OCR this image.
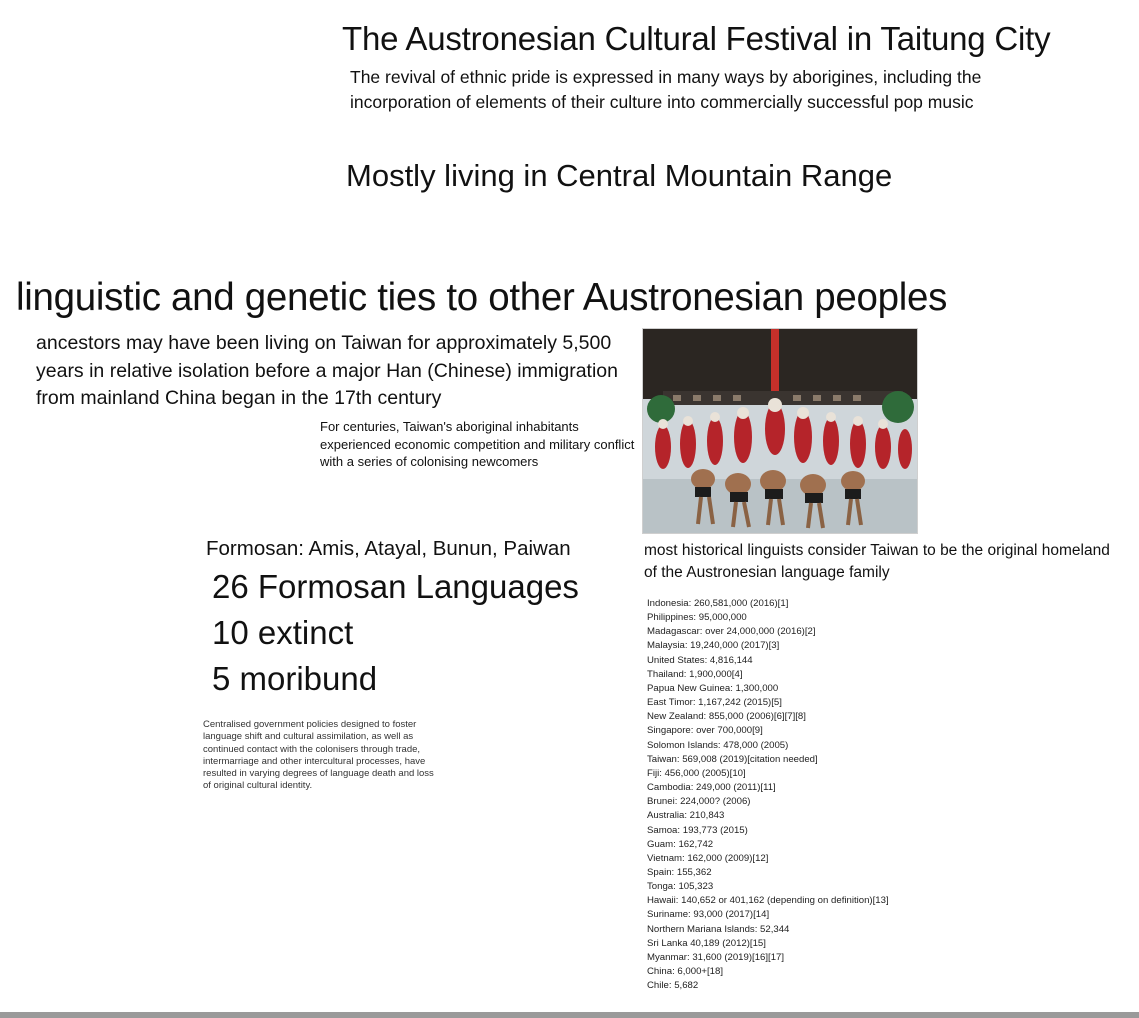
The Austronesian Cultural Festival in Taitung City

The revival of ethnic pride is expressed in many ways by aborigines, including the incorporation of elements of their culture into commercially successful pop music

Mostly living in Central Mountain Range
linguistic and genetic ties to other Austronesian peoples

ancestors may have been living on Taiwan for approximately 5,500 years in relative isolation before a major Han (Chinese) immigration from mainland China began in the 17th century

For centuries, Taiwan's aboriginal inhabitants experienced economic competition and military conflict with a series of colonising newcomers

Formosan: Amis, Atayal, Bunun, Paiwan
26 Formosan Languages
10 extinct
5 moribund

Centralised government policies designed to foster language shift and cultural assimilation, as well as continued contact with the colonisers through trade, intermarriage and other intercultural processes, have resulted in varying degrees of language death and loss of original cultural identity.

most historical linguists consider Taiwan to be the original homeland of the Austronesian language family

Indonesia: 260,581,000 (2016)[1]
Philippines: 95,000,000
Madagascar: over 24,000,000 (2016)[2]
Malaysia: 19,240,000 (2017)[3]
United States: 4,816,144
Thailand: 1,900,000[4]
Papua New Guinea: 1,300,000
East Timor: 1,167,242 (2015)[5]
New Zealand: 855,000 (2006)[6][7][8]
Singapore: over 700,000[9]
Solomon Islands: 478,000 (2005)
Taiwan: 569,008 (2019)[citation needed]
Fiji: 456,000 (2005)[10]
Cambodia: 249,000 (2011)[11]
Brunei: 224,000? (2006)
Australia: 210,843
Samoa: 193,773 (2015)
Guam: 162,742
Vietnam: 162,000 (2009)[12]
Spain: 155,362
Tonga: 105,323
Hawaii: 140,652 or 401,162 (depending on definition)[13]
Suriname: 93,000 (2017)[14]
Northern Mariana Islands: 52,344
Sri Lanka 40,189 (2012)[15]
Myanmar: 31,600 (2019)[16][17]
China: 6,000+[18]
Chile: 5,682
